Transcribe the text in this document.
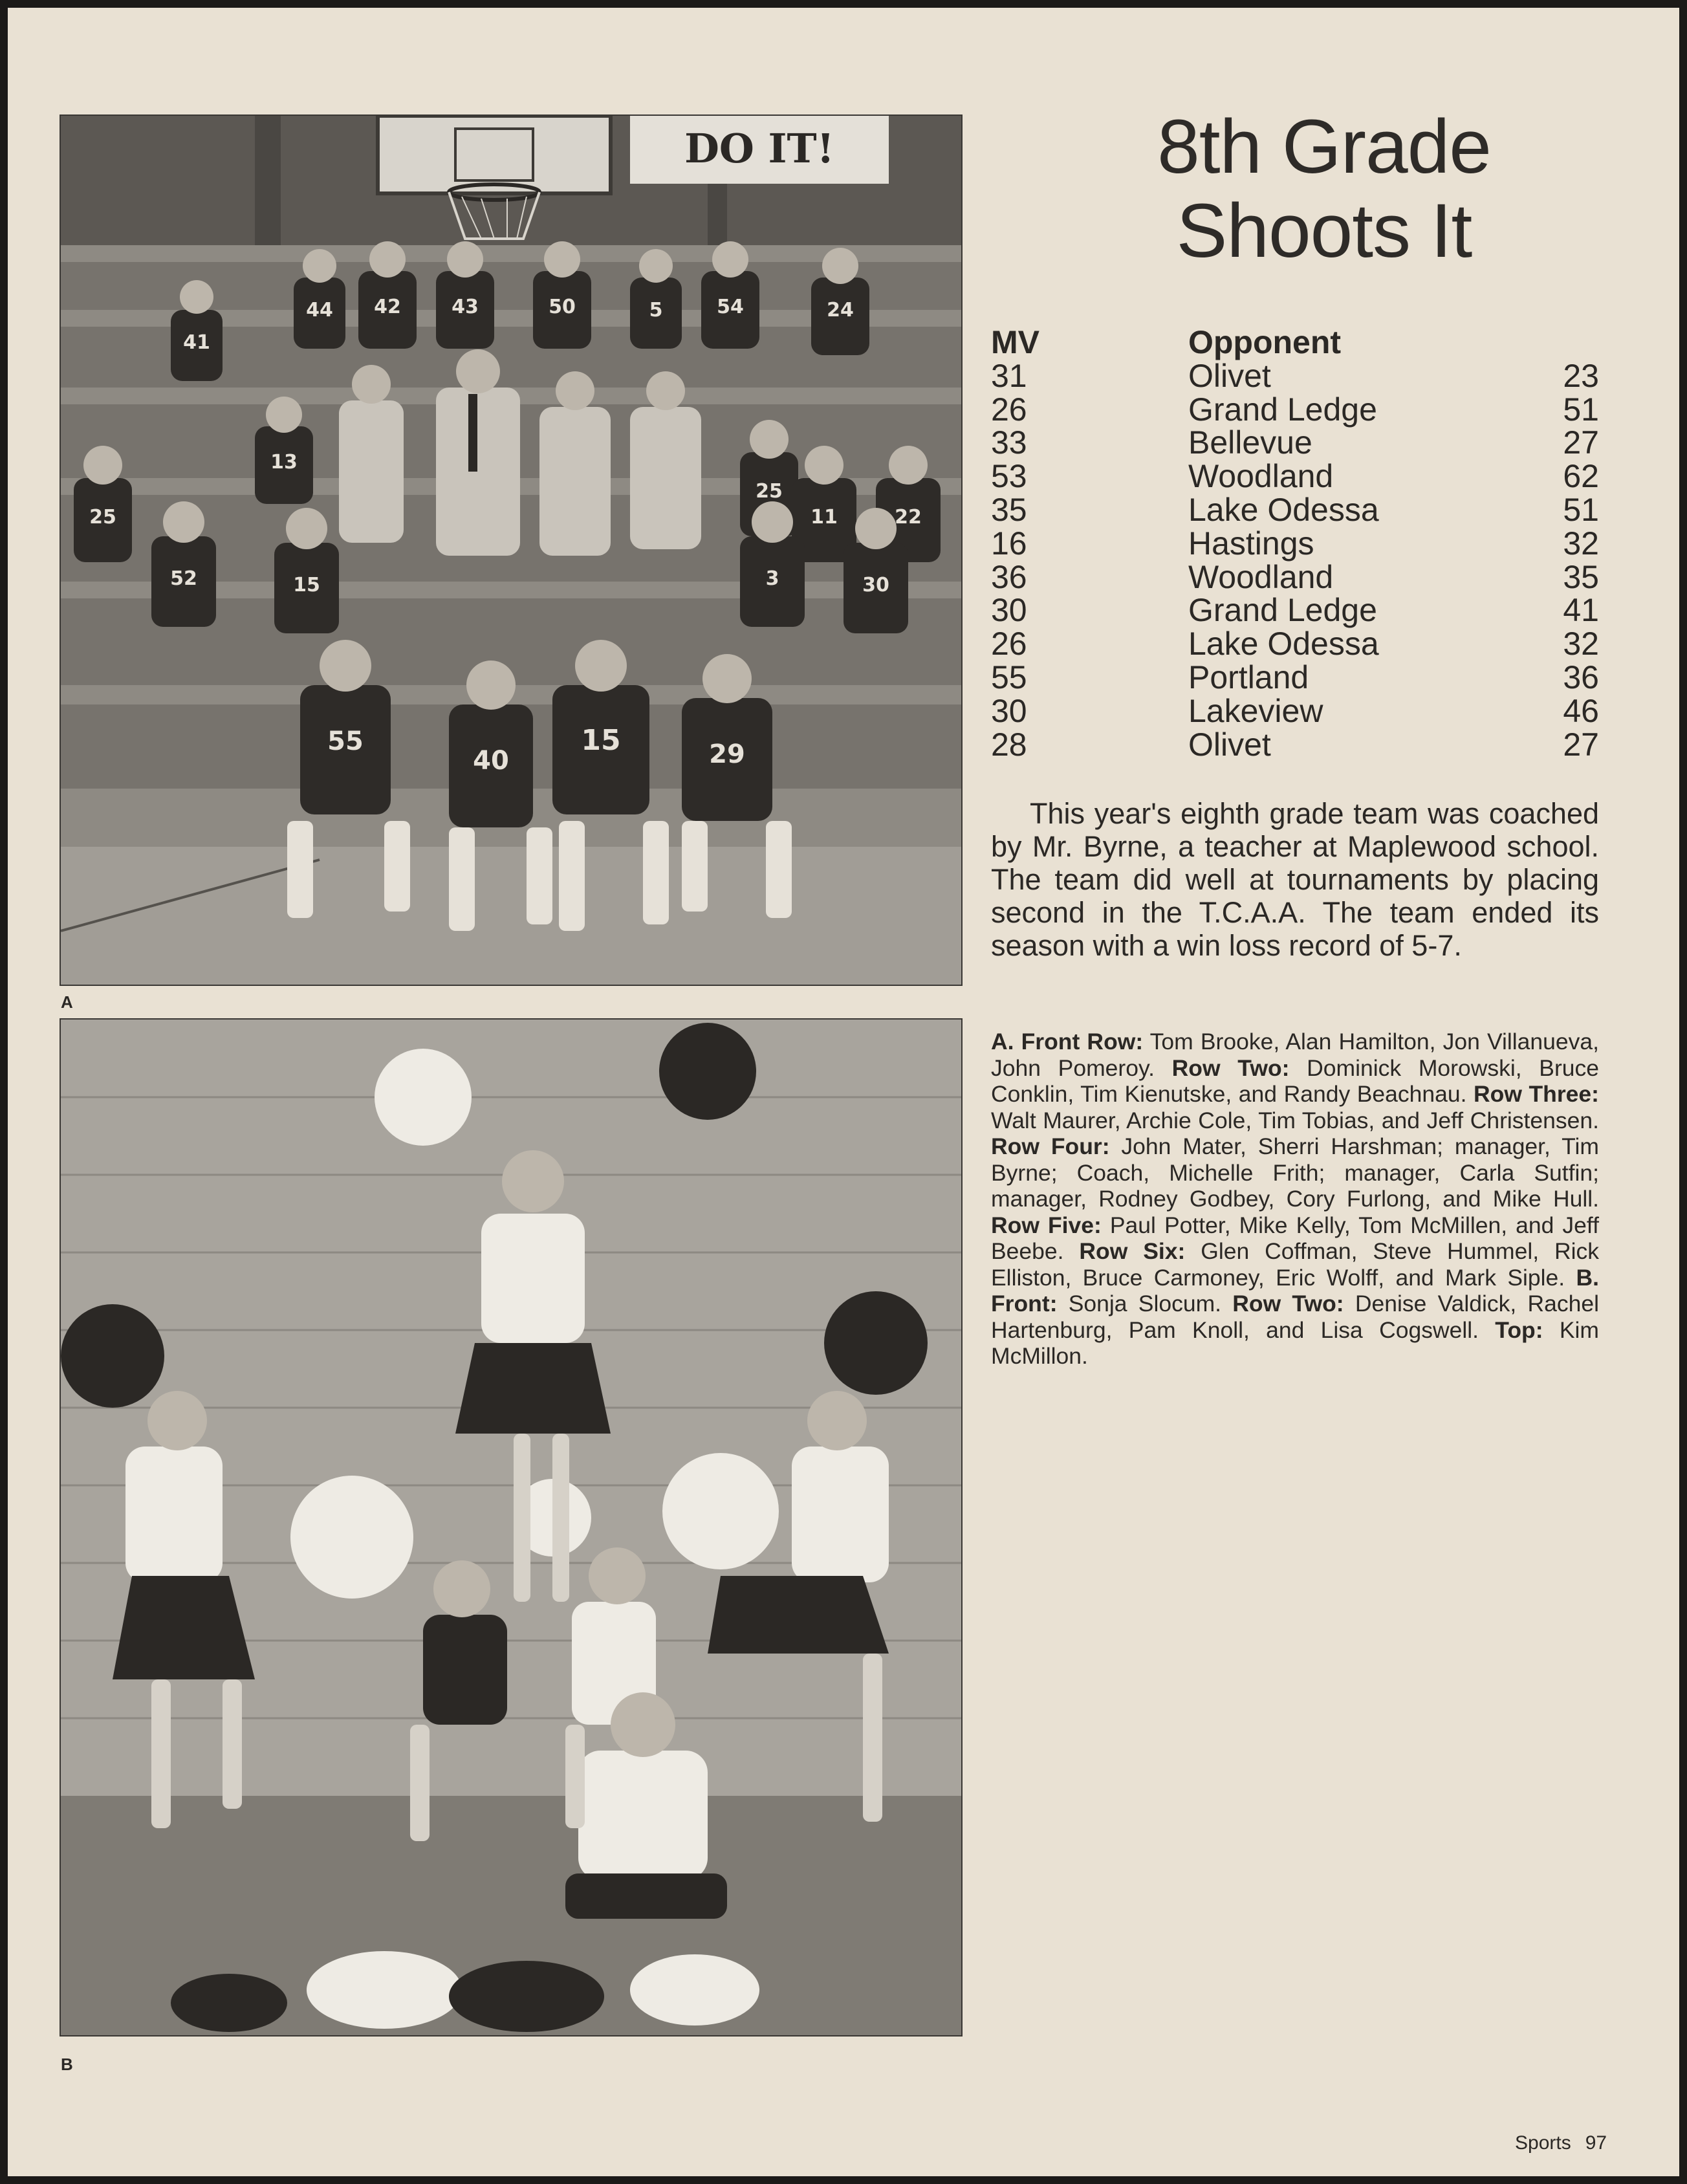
DO IT!
41
44 42	43	50	5	54	24
13
25
52	15
25
11	22
3	30
55
40
15	29
A
B
8th Grade
Shoots It
MV	Opponent
31	Olivet	23
26	Grand Ledge	51
33	Bellevue	27
53	Woodland	62
35	Lake Odessa	51
16	Hastings	32
36	Woodland	35
30	Grand Ledge	41
26	Lake Odessa	32
55	Portland	36
30	Lakeview	46
28	Olivet	27

This year's eighth grade team was coached by Mr. Byrne, a teacher at Maplewood school. The team did well at tournaments by placing second in the T.C.A.A. The team ended its season with a win loss record of 5-7.

A. Front Row: Tom Brooke, Alan Hamilton, Jon Villanueva, John Pomeroy. Row Two: Dominick Morowski, Bruce Conklin, Tim Kienutske, and Randy Beachnau. Row Three: Walt Maurer, Archie Cole, Tim Tobias, and Jeff Christensen. Row Four: John Mater, Sherri Harshman; manager, Tim Byrne; Coach, Michelle Frith; manager, Carla Sutfin; manager, Rodney Godbey, Cory Furlong, and Mike Hull. Row Five: Paul Potter, Mike Kelly, Tom McMillen, and Jeff Beebe. Row Six: Glen Coffman, Steve Hummel, Rick Elliston, Bruce Carmoney, Eric Wolff, and Mark Siple. B. Front: Sonja Slocum. Row Two: Denise Valdick, Rachel Hartenburg, Pam Knoll, and Lisa Cogswell. Top: Kim McMillon.

Sports 97
